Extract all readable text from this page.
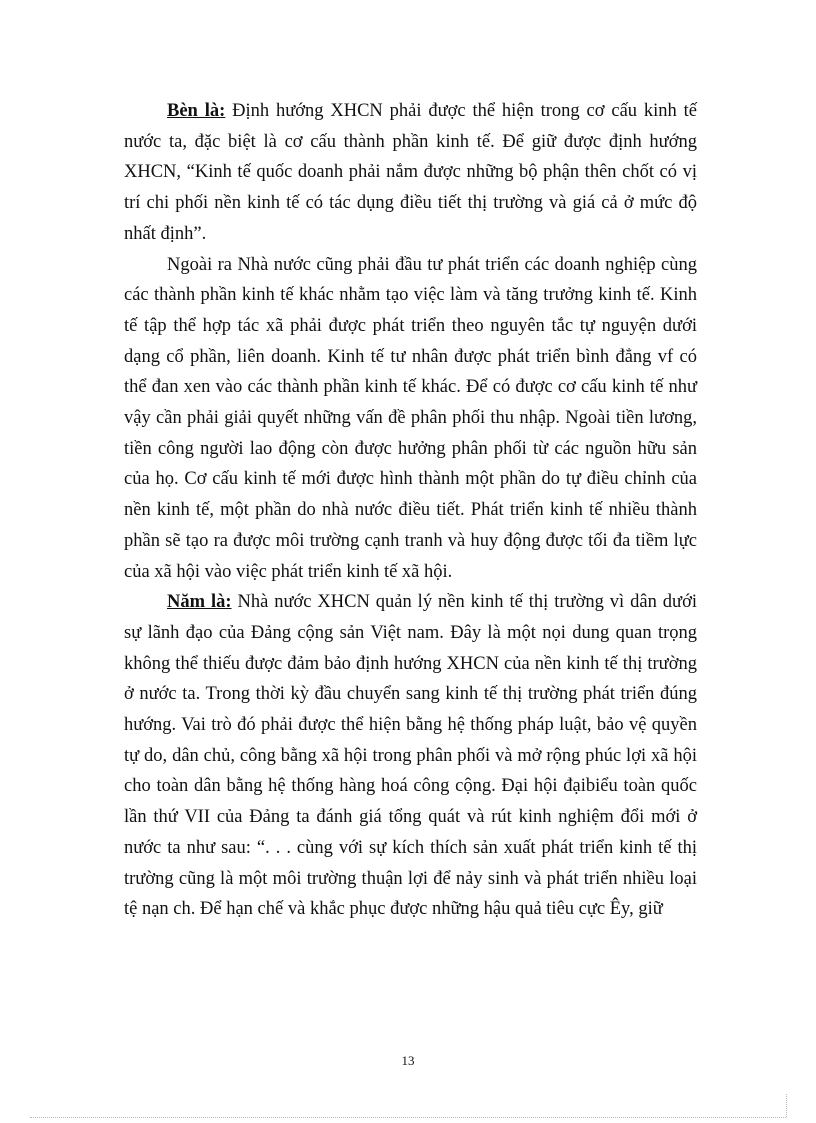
Bèn là: Định hướng XHCN phải được thể hiện trong cơ cấu kinh tế nước ta, đặc biệt là cơ cấu thành phần kinh tế. Để giữ được định hướng XHCN, “Kinh tế quốc doanh phải nắm được những bộ phận thên chốt có vị trí chi phối nền kinh tế có tác dụng điều tiết thị trường và giá cả ở mức độ nhất định”.

Ngoài ra Nhà nước cũng phải đầu tư phát triển các doanh nghiệp cùng các thành phần kinh tế khác nhằm tạo việc làm và tăng trưởng kinh tế. Kinh tế tập thể hợp tác xã phải được phát triển theo nguyên tắc tự nguyện dưới dạng cổ phần, liên doanh. Kinh tế tư nhân được phát triển bình đẳng vf có thể đan xen vào các thành phần kinh tế khác. Để có được cơ cấu kinh tế như vậy cần phải giải quyết những vấn đề phân phối thu nhập. Ngoài tiền lương, tiền công người lao động còn được hưởng phân phối từ các nguồn hữu sản của họ. Cơ cấu kinh tế mới được hình thành một phần do tự điều chỉnh của nền kinh tế, một phần do nhà nước điều tiết. Phát triển kinh tế nhiều thành phần sẽ tạo ra được môi trường cạnh tranh và huy động được tối đa tiềm lực của xã hội vào việc phát triển kinh tế xã hội.

Năm là: Nhà nước XHCN quản lý nền kinh tế thị trường vì dân dưới sự lãnh đạo của Đảng cộng sản Việt nam. Đây là một nọi dung quan trọng không thể thiếu được đảm bảo định hướng XHCN của nền kinh tế thị trường ở nước ta. Trong thời kỳ đầu chuyển sang kinh tế thị trường phát triển đúng hướng. Vai trò đó phải được thể hiện bằng hệ thống pháp luật, bảo vệ quyền tự do, dân chủ, công bằng xã hội trong phân phối và mở rộng phúc lợi xã hội cho toàn dân bằng hệ thống hàng hoá công cộng. Đại hội đạibiểu toàn quốc lần thứ VII của Đảng ta đánh giá tổng quát và rút kinh nghiệm đổi mới ở nước ta như sau: “. . . cùng với sự kích thích sản xuất phát triển kinh tế thị trường cũng là một môi trường thuận lợi để nảy sinh và phát triển nhiều loại tệ nạn ch. Để hạn chế và khắc phục được những hậu quả tiêu cực Êy, giữ

13
